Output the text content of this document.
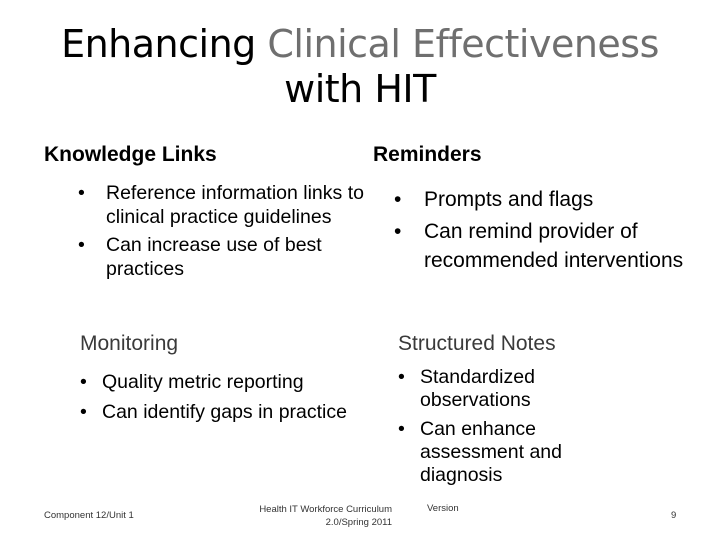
Enhancing Clinical Effectiveness
with HIT
Knowledge Links
• Reference information links to clinical practice guidelines
• Can increase use of best practices
Reminders
• Prompts and flags
• Can remind provider of recommended interventions
Monitoring
• Quality metric reporting
• Can identify gaps in practice
Structured Notes
• Standardized observations
• Can enhance assessment and diagnosis
Component 12/Unit 1
Health IT Workforce Curriculum
2.0/Spring 2011
Version
9
